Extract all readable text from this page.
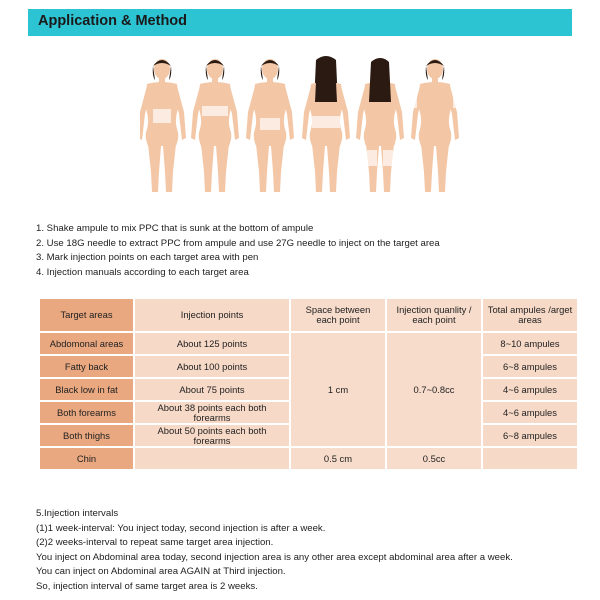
Application & Method
1. Shake ampule to mix PPC that is sunk at the bottom of ampule
2. Use 18G needle to extract PPC from ampule and use 27G needle to inject on the target area
3. Mark injection points on each target area with pen
4. Injection manuals according to each target area
Target areas	Injection points	Space between each point	Injection quanlity / each point	Total ampules /arget areas
Abdomonal areas	About 125 points	1 cm	0.7~0.8cc	8~10 ampules
Fatty back	About 100 points			6~8 ampules
Black low in fat	About 75 points			4~6 ampules
Both forearms	About 38 points each both forearms			4~6 ampules
Both thighs	About 50 points each both forearms			6~8 ampules
Chin		0.5 cm	0.5cc	
5.Injection intervals
(1)1 week-interval: You inject today, second injection is after a week.
(2)2 weeks-interval to repeat same target area injection.
You inject on Abdominal area today, second injection area is any other area except abdominal area after a week.
You can inject on Abdominal area AGAIN at Third injection.
So, injection interval of same target area is 2 weeks.
